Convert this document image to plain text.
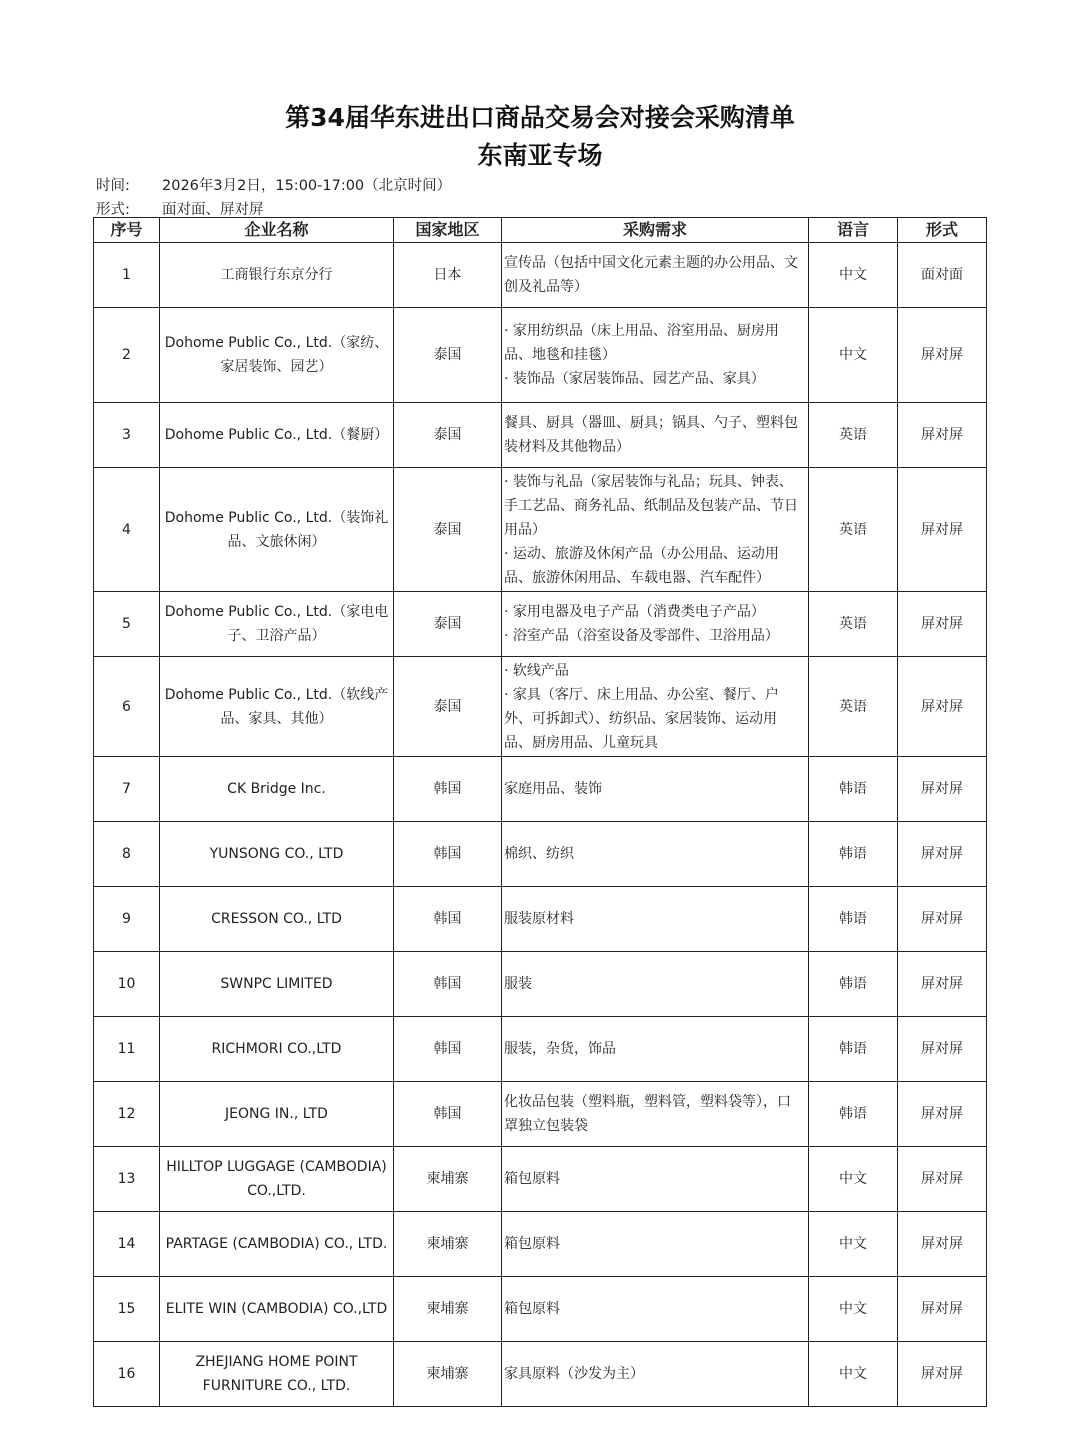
第34届华东进出口商品交易会对接会采购清单
东南亚专场
时间: 2026年3月2日，15:00-17:00（北京时间）
形式: 面对面、屏对屏
序号	企业名称	国家地区	采购需求	语言	形式
1	工商银行东京分行	日本	宣传品（包括中国文化元素主题的办公用品、文创及礼品等）	中文	面对面
2	Dohome Public Co., Ltd.（家纺、家居装饰、园艺）	泰国	· 家用纺织品（床上用品、浴室用品、厨房用品、地毯和挂毯）
· 装饰品（家居装饰品、园艺产品、家具）	中文	屏对屏
3	Dohome Public Co., Ltd.（餐厨）	泰国	餐具、厨具（器皿、厨具；锅具、勺子、塑料包装材料及其他物品）	英语	屏对屏
4	Dohome Public Co., Ltd.（装饰礼品、文旅休闲）	泰国	· 装饰与礼品（家居装饰与礼品；玩具、钟表、手工艺品、商务礼品、纸制品及包装产品、节日用品）
· 运动、旅游及休闲产品（办公用品、运动用品、旅游休闲用品、车载电器、汽车配件）	英语	屏对屏
5	Dohome Public Co., Ltd.（家电电子、卫浴产品）	泰国	· 家用电器及电子产品（消费类电子产品）
· 浴室产品（浴室设备及零部件、卫浴用品）	英语	屏对屏
6	Dohome Public Co., Ltd.（软线产品、家具、其他）	泰国	· 软线产品
· 家具（客厅、床上用品、办公室、餐厅、户外、可拆卸式）、纺织品、家居装饰、运动用品、厨房用品、儿童玩具	英语	屏对屏
7	CK Bridge Inc.	韩国	家庭用品、装饰	韩语	屏对屏
8	YUNSONG CO., LTD	韩国	棉织、纺织	韩语	屏对屏
9	CRESSON CO., LTD	韩国	服装原材料	韩语	屏对屏
10	SWNPC LIMITED	韩国	服装	韩语	屏对屏
11	RICHMORI CO.,LTD	韩国	服装，杂货，饰品	韩语	屏对屏
12	JEONG IN., LTD	韩国	化妆品包装（塑料瓶，塑料管，塑料袋等），口罩独立包装袋	韩语	屏对屏
13	HILLTOP LUGGAGE (CAMBODIA) CO.,LTD.	柬埔寨	箱包原料	中文	屏对屏
14	PARTAGE (CAMBODIA) CO., LTD.	柬埔寨	箱包原料	中文	屏对屏
15	ELITE WIN (CAMBODIA) CO.,LTD	柬埔寨	箱包原料	中文	屏对屏
16	ZHEJIANG HOME POINT FURNITURE CO., LTD.	柬埔寨	家具原料（沙发为主）	中文	屏对屏
